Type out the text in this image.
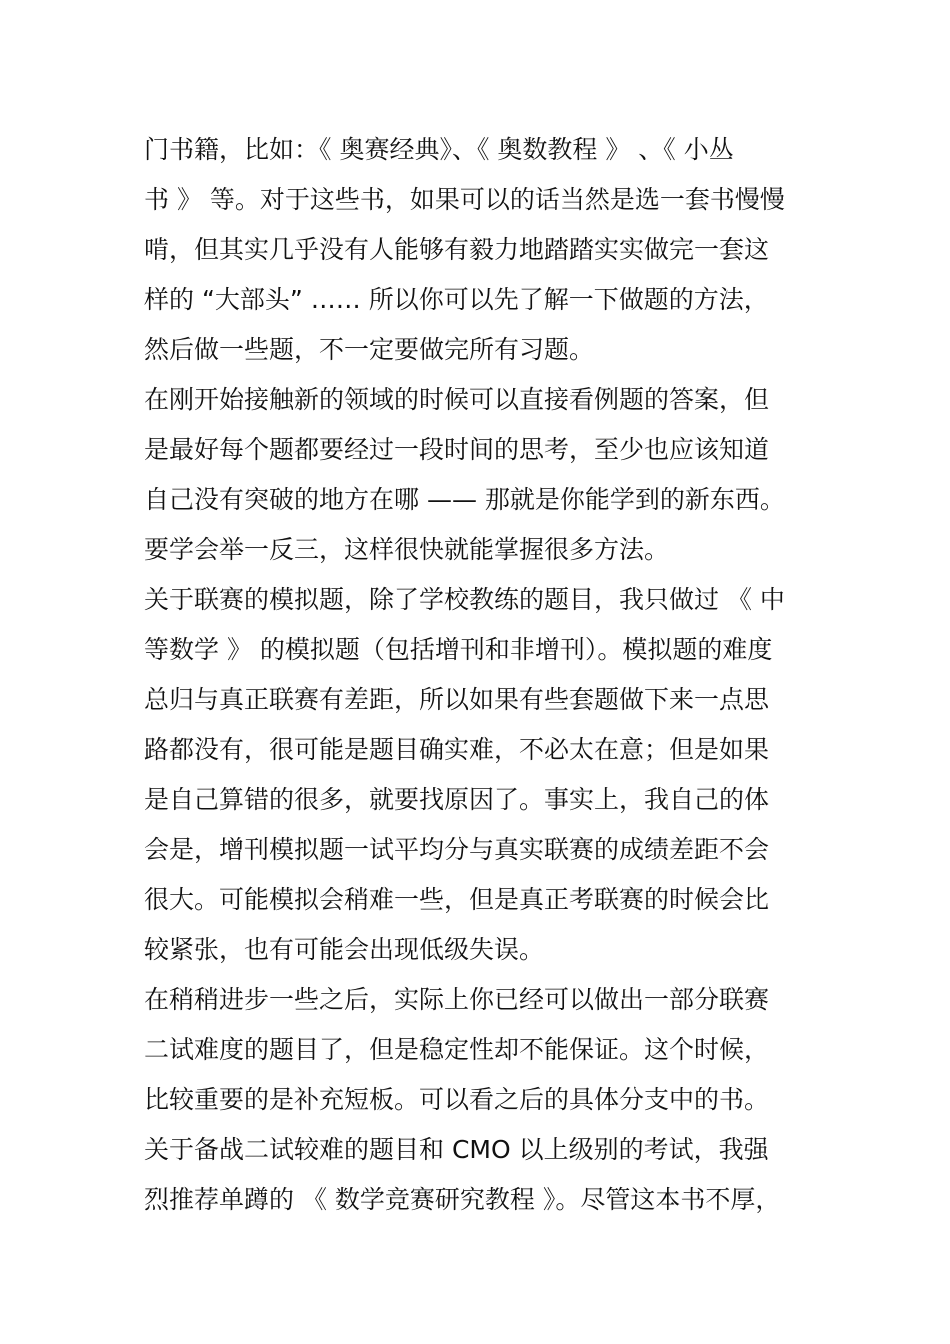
门书籍，比如：《 奥赛经典》、《 奥数教程 》 、《 小丛
书 》 等。对于这些书，如果可以的话当然是选一套书慢慢
啃，但其实几乎没有人能够有毅力地踏踏实实做完一套这
样的 “大部头” …… 所以你可以先了解一下做题的方法，
然后做一些题，不一定要做完所有习题。
在刚开始接触新的领域的时候可以直接看例题的答案，但
是最好每个题都要经过一段时间的思考，至少也应该知道
自己没有突破的地方在哪 —— 那就是你能学到的新东西。
要学会举一反三，这样很快就能掌握很多方法。
关于联赛的模拟题，除了学校教练的题目，我只做过 《 中
等数学 》 的模拟题（包括增刊和非增刊）。模拟题的难度
总归与真正联赛有差距，所以如果有些套题做下来一点思
路都没有，很可能是题目确实难，不必太在意；但是如果
是自己算错的很多，就要找原因了。事实上，我自己的体
会是，增刊模拟题一试平均分与真实联赛的成绩差距不会
很大。可能模拟会稍难一些，但是真正考联赛的时候会比
较紧张，也有可能会出现低级失误。
在稍稍进步一些之后，实际上你已经可以做出一部分联赛
二试难度的题目了，但是稳定性却不能保证。这个时候，
比较重要的是补充短板。可以看之后的具体分支中的书。
关于备战二试较难的题目和 CMO 以上级别的考试，我强
烈推荐单蹲的 《 数学竞赛研究教程 》。尽管这本书不厚，
